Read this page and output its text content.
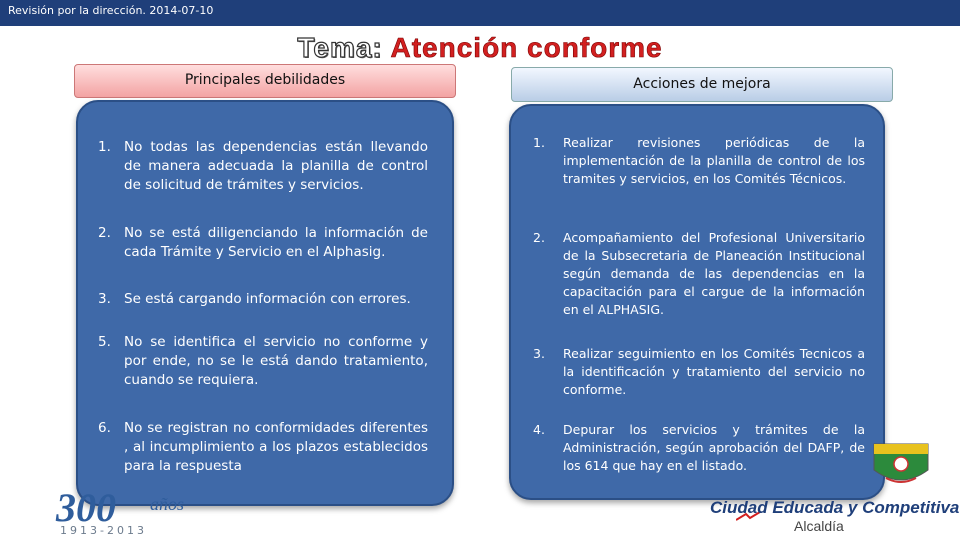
Revisión por la dirección. 2014-07-10
Tema: Atención conforme
Principales debilidades	Acciones de mejora
1. No todas las dependencias están llevando de manera adecuada la planilla de control de solicitud de trámites y servicios.
2. No se está diligenciando la información de cada Trámite y Servicio en el Alphasig.
3. Se está cargando información con errores.
5. No se identifica el servicio no conforme y por ende, no se le está dando tratamiento, cuando se requiera.
6. No se registran no conformidades diferentes , al incumplimiento a los plazos establecidos para la respuesta
1.	Realizar revisiones periódicas de la implementación de la planilla de control de los tramites y servicios, en los Comités Técnicos.
2.	Acompañamiento del Profesional Universitario de la Subsecretaria de Planeación Institucional según demanda de las dependencias en la capacitación para el cargue de la información en el ALPHASIG.
3.	Realizar seguimiento en los Comités Tecnicos a la identificación y tratamiento del servicio no conforme.
4.	Depurar los servicios y trámites de la Administración, según aprobación del DAFP, de los 614 que hay en el listado.
300 años
1913-2013
Ciudad Educada y Competitiva
Alcaldía
